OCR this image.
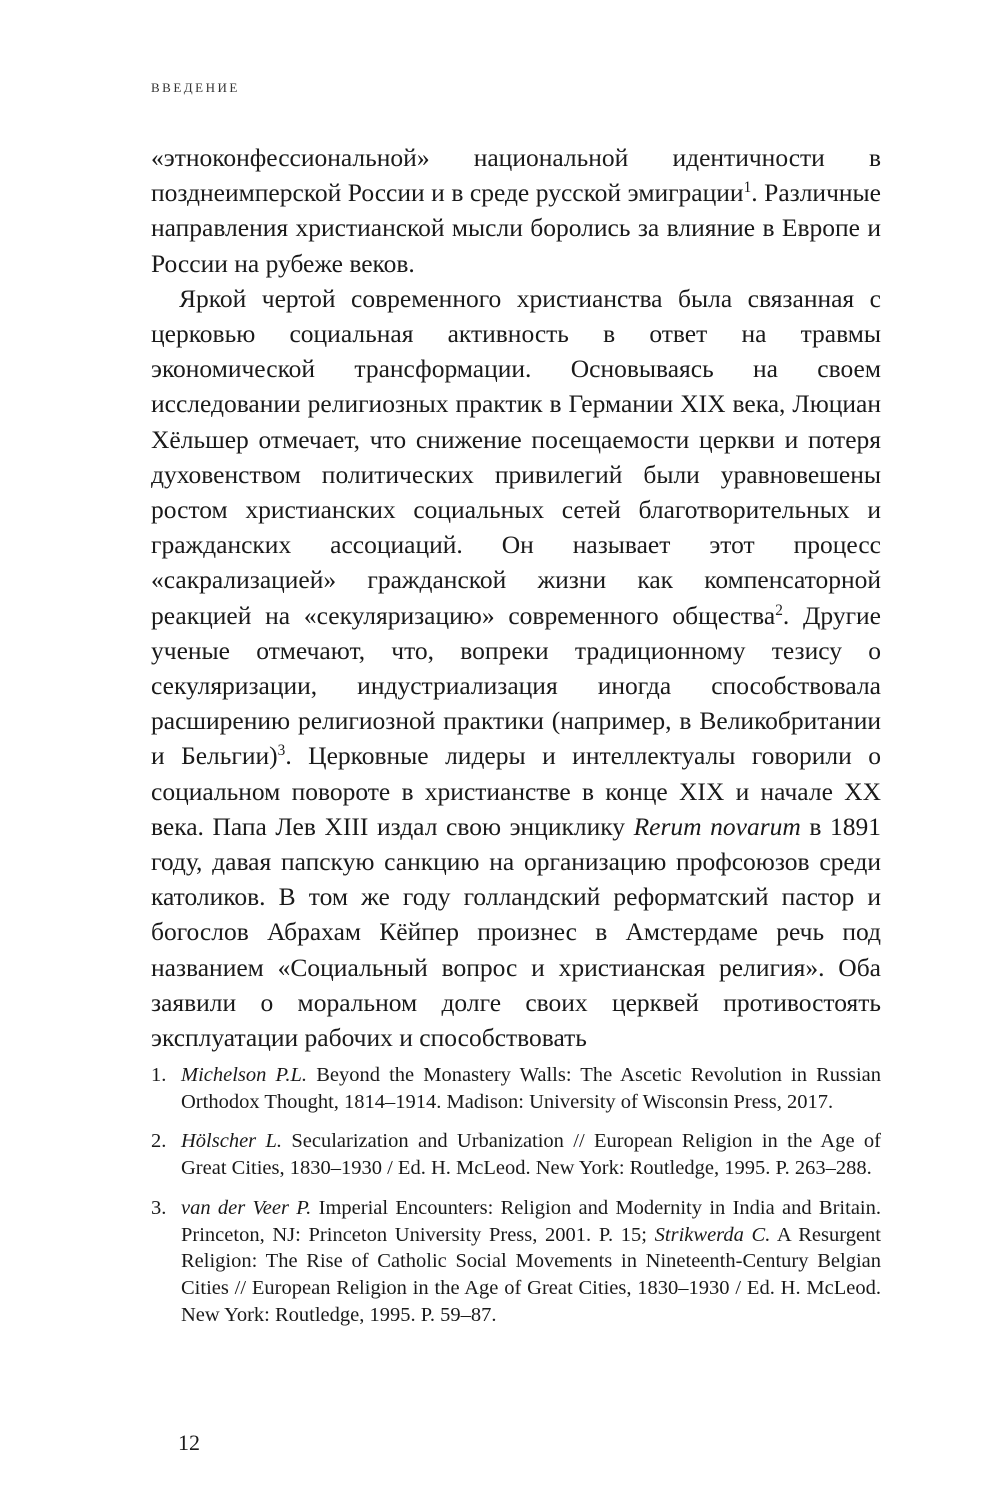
ВВЕДЕНИЕ

«этноконфессиональной» национальной идентичности в позднеимперской России и в среде русской эмиграции$^1$. Различные направления христианской мысли боролись за влияние в Европе и России на рубеже веков.

Яркой чертой современного христианства была связанная с церковью социальная активность в ответ на травмы экономической трансформации. Основываясь на своем исследовании религиозных практик в Германии XIX века, Люциан Хёльшер отмечает, что снижение посещаемости церкви и потеря духовенством политических привилегий были уравновешены ростом христианских социальных сетей благотворительных и гражданских ассоциаций. Он называет этот процесс «сакрализацией» гражданской жизни как компенсаторной реакцией на «секуляризацию» современного общества$^2$. Другие ученые отмечают, что, вопреки традиционному тезису о секуляризации, индустриализация иногда способствовала расширению религиозной практики (например, в Великобритании и Бельгии)$^3$. Церковные лидеры и интеллектуалы говорили о социальном повороте в христианстве в конце XIX и начале XX века. Папа Лев XIII издал свою энциклику Rerum novarum в 1891 году, давая папскую санкцию на организацию профсоюзов среди католиков. В том же году голландский реформатский пастор и богослов Абрахам Кёйпер произнес в Амстердаме речь под названием «Социальный вопрос и христианская религия». Оба заявили о моральном долге своих церквей противостоять эксплуатации рабочих и способствовать

1. Michelson P.L. Beyond the Monastery Walls: The Ascetic Revolution in Russian Orthodox Thought, 1814–1914. Madison: University of Wisconsin Press, 2017.
2. Hölscher L. Secularization and Urbanization // European Religion in the Age of Great Cities, 1830–1930 / Ed. H. McLeod. New York: Routledge, 1995. P. 263–288.
3. van der Veer P. Imperial Encounters: Religion and Modernity in India and Britain. Princeton, NJ: Princeton University Press, 2001. P. 15; Strikwerda C. A Resurgent Religion: The Rise of Catholic Social Movements in Nineteenth-Century Belgian Cities // European Religion in the Age of Great Cities, 1830–1930 / Ed. H. McLeod. New York: Routledge, 1995. P. 59–87.
12
